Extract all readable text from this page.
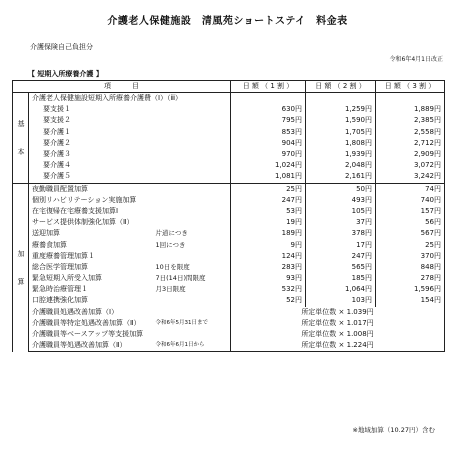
介護老人保健施設　清風苑ショートステイ　料金表
介護保険自己負担分
令和6年4月1日改正
【 短期入所療養介護 】
項　　　目			日 額 （ 1 割 ）	日 額 （ 2 割 ）	日 額 （ 3 割 ）
基　　　本	介護老人保健施設短期入所療養介護費（Ⅰ）（ⅲ）				
	要支援１		630円	1,259円	1,889円
	要支援２		795円	1,590円	2,385円
	要介護１		853円	1,705円	2,558円
	要介護２		904円	1,808円	2,712円
	要介護３		970円	1,939円	2,909円
	要介護４		1,024円	2,048円	3,072円
	要介護５		1,081円	2,161円	3,242円
加　　　算	夜勤職員配置加算		25円	50円	74円
	個別リハビリテーション実施加算		247円	493円	740円
	在宅復帰在宅療養支援加算Ⅰ		53円	105円	157円
	サービス提供体制強化加算（Ⅱ）		19円	37円	56円
	送迎加算	片道につき	189円	378円	567円
	療養食加算	1回につき	9円	17円	25円
	重度療養管理加算１		124円	247円	370円
	総合医学管理加算	10日を限度	283円	565円	848円
	緊急短期入所受入加算	7日(14日)間限度	93円	185円	278円
	緊急時治療管理１	月3日限度	532円	1,064円	1,596円
	口腔連携強化加算		52円	103円	154円
	介護職員処遇改善加算（Ⅰ）		所定単位数 × 1.039円		
	介護職員等特定処遇改善加算（Ⅱ）	令和6年5月31日まで	所定単位数 × 1.017円		
	介護職員等ベースアップ等支援加算		所定単位数 × 1.008円		
	介護職員等処遇改善加算（Ⅱ）	令和6年6月1日から	所定単位数 × 1.224円		
※地域加算（10.27円）含む
